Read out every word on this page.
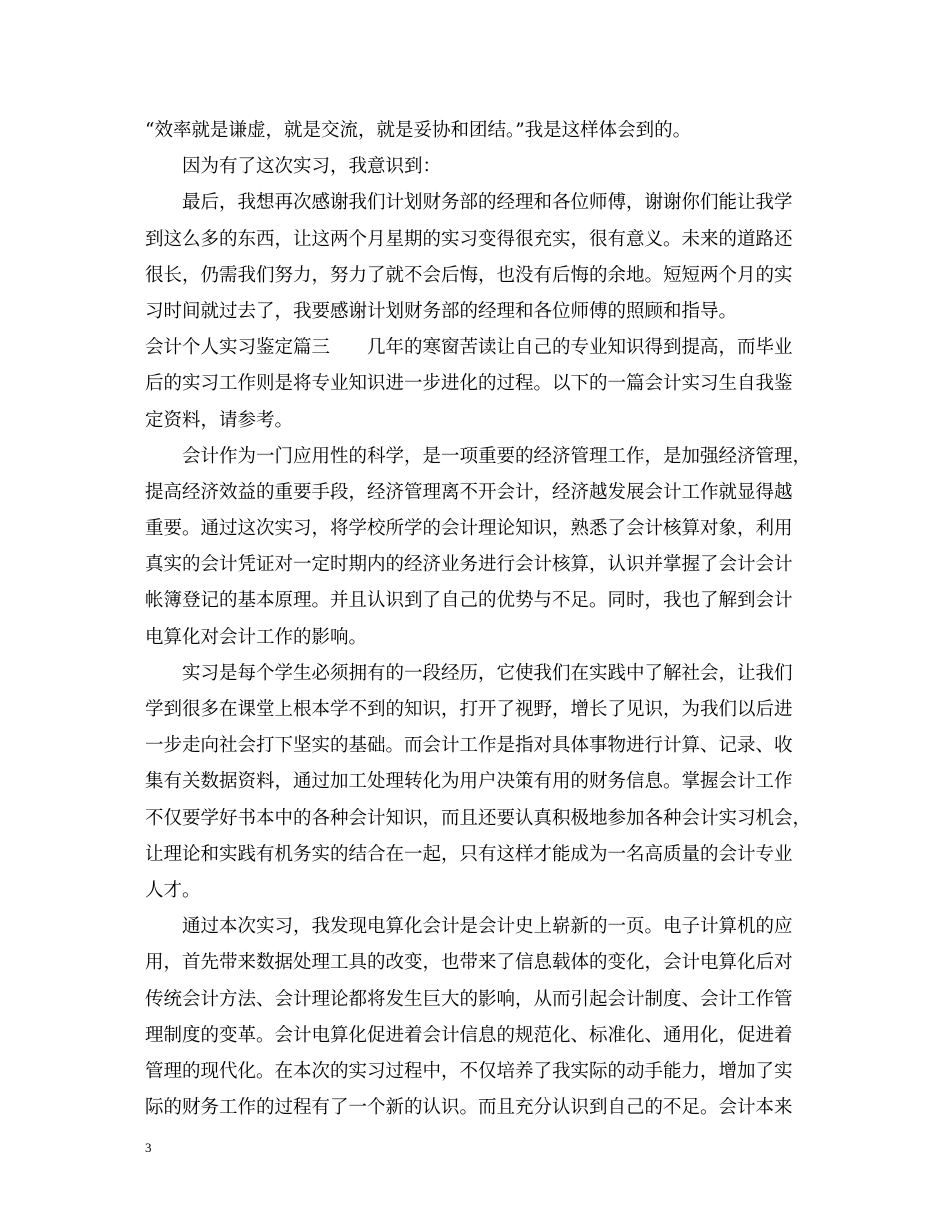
“效率就是谦虚，就是交流，就是妥协和团结。”我是这样体会到的。
因为有了这次实习，我意识到：
最后，我想再次感谢我们计划财务部的经理和各位师傅，谢谢你们能让我学
到这么多的东西，让这两个月星期的实习变得很充实，很有意义。未来的道路还
很长，仍需我们努力，努力了就不会后悔，也没有后悔的余地。短短两个月的实
习时间就过去了，我要感谢计划财务部的经理和各位师傅的照顾和指导。
会计个人实习鉴定篇三　　几年的寒窗苦读让自己的专业知识得到提高，而毕业
后的实习工作则是将专业知识进一步进化的过程。以下的一篇会计实习生自我鉴
定资料，请参考。
会计作为一门应用性的科学，是一项重要的经济管理工作，是加强经济管理，
提高经济效益的重要手段，经济管理离不开会计，经济越发展会计工作就显得越
重要。通过这次实习，将学校所学的会计理论知识，熟悉了会计核算对象，利用
真实的会计凭证对一定时期内的经济业务进行会计核算，认识并掌握了会计会计
帐簿登记的基本原理。并且认识到了自己的优势与不足。同时，我也了解到会计
电算化对会计工作的影响。
实习是每个学生必须拥有的一段经历，它使我们在实践中了解社会，让我们
学到很多在课堂上根本学不到的知识，打开了视野，增长了见识，为我们以后进
一步走向社会打下坚实的基础。而会计工作是指对具体事物进行计算、记录、收
集有关数据资料，通过加工处理转化为用户决策有用的财务信息。掌握会计工作
不仅要学好书本中的各种会计知识，而且还要认真积极地参加各种会计实习机会，
让理论和实践有机务实的结合在一起，只有这样才能成为一名高质量的会计专业
人才。
通过本次实习，我发现电算化会计是会计史上崭新的一页。电子计算机的应
用，首先带来数据处理工具的改变，也带来了信息载体的变化，会计电算化后对
传统会计方法、会计理论都将发生巨大的影响，从而引起会计制度、会计工作管
理制度的变革。会计电算化促进着会计信息的规范化、标准化、通用化，促进着
管理的现代化。在本次的实习过程中，不仅培养了我实际的动手能力，增加了实
际的财务工作的过程有了一个新的认识。而且充分认识到自己的不足。会计本来
3
